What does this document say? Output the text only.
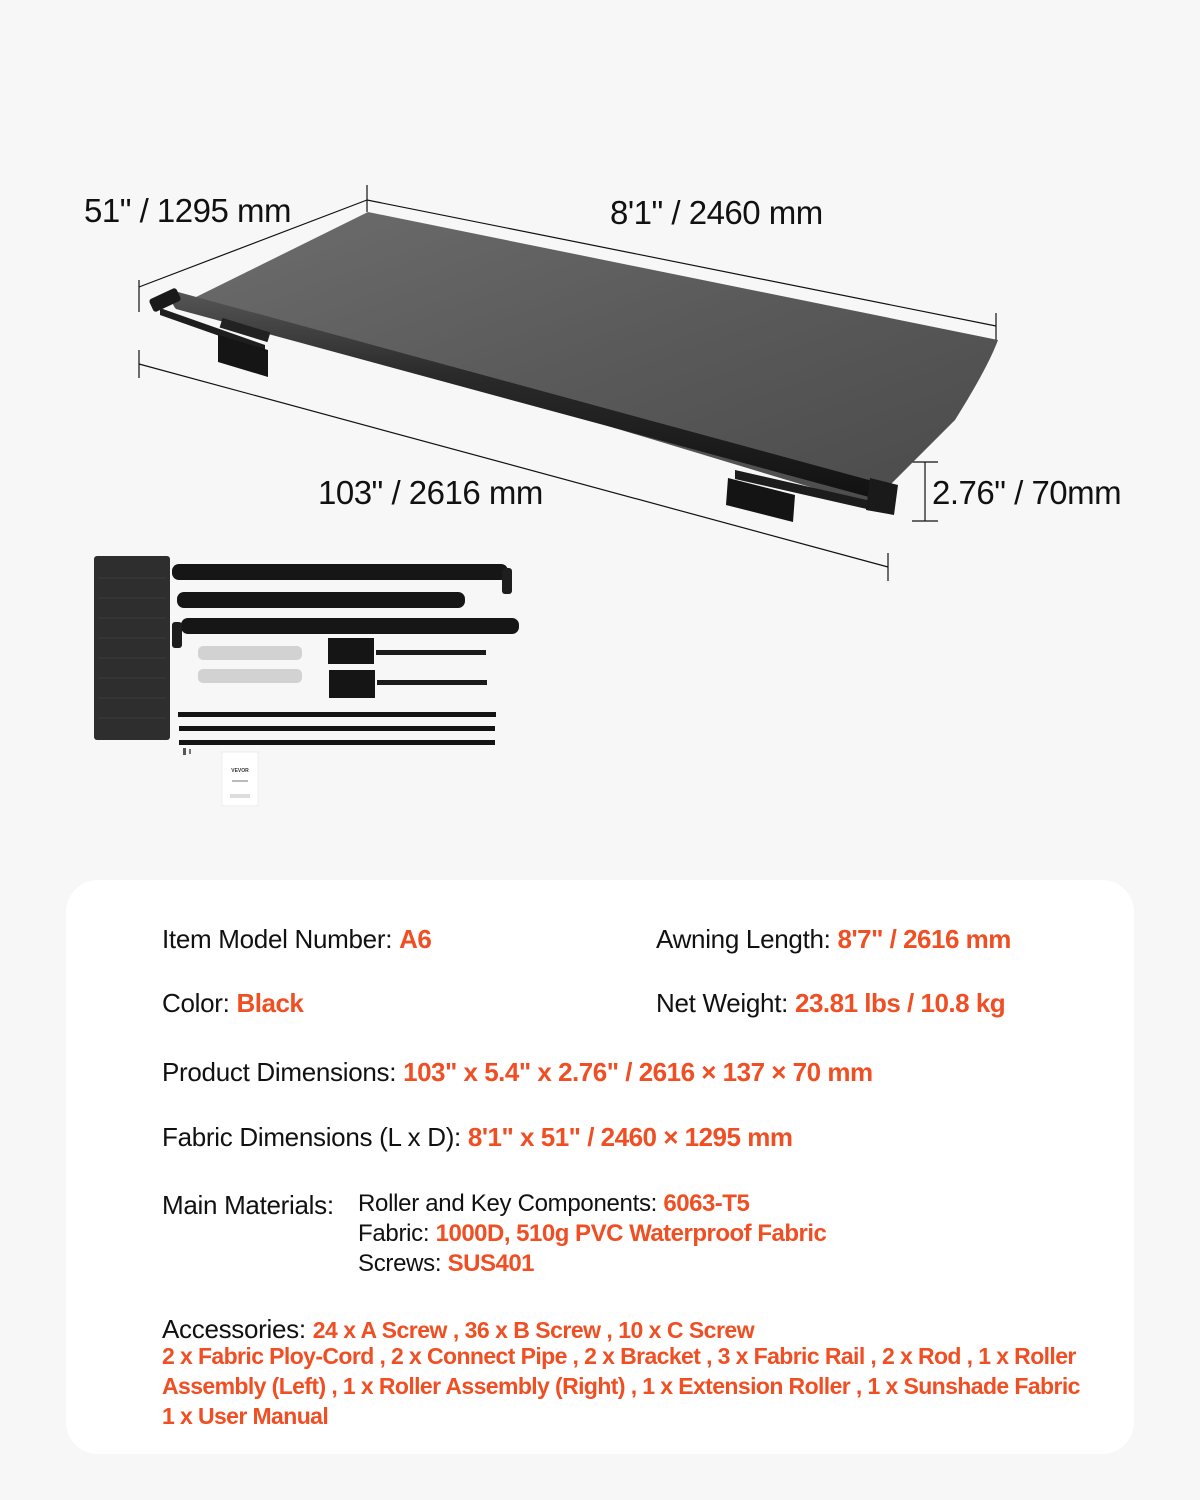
51" / 1295 mm	8'1" / 2460 mm
103" / 2616 mm	2.76" / 70mm
VEVOR
Item Model Number: A6	Awning Length: 8'7" / 2616 mm
Color: Black	Net Weight: 23.81 lbs / 10.8 kg
Product Dimensions: 103" x 5.4" x 2.76" / 2616 × 137 × 70 mm
Fabric Dimensions (L x D): 8'1" x 51" / 2460 × 1295 mm
Main Materials: Roller and Key Components: 6063-T5
Fabric: 1000D, 510g PVC Waterproof Fabric
Screws: SUS401
Accessories: 24 x A Screw , 36 x B Screw , 10 x C Screw
2 x Fabric Ploy-Cord , 2 x Connect Pipe , 2 x Bracket , 3 x Fabric Rail , 2 x Rod , 1 x Roller
Assembly (Left) , 1 x Roller Assembly (Right) , 1 x Extension Roller , 1 x Sunshade Fabric
1 x User Manual
